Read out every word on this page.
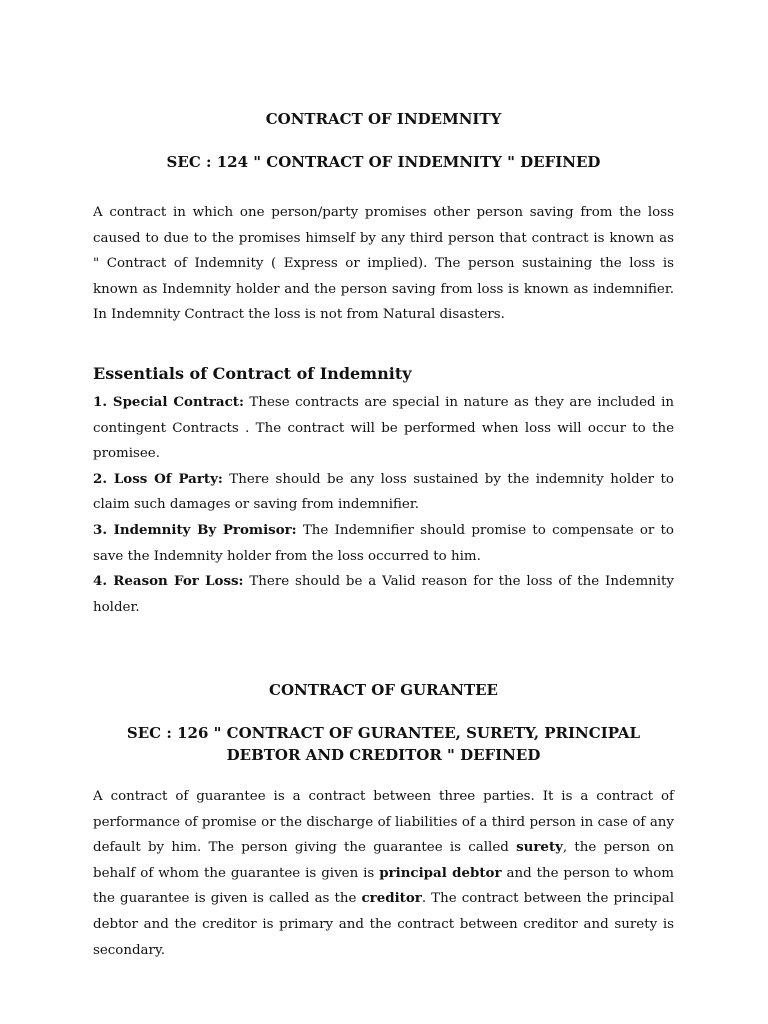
CONTRACT OF INDEMNITY
SEC : 124 " CONTRACT OF INDEMNITY " DEFINED

A contract in which one person/party promises other person saving from the loss caused to due to the promises himself by any third person that contract is known as " Contract of Indemnity ( Express or implied). The person sustaining the loss is known as Indemnity holder and the person saving from loss is known as indemnifier. In Indemnity Contract the loss is not from Natural disasters.

Essentials of Contract of Indemnity

1. Special Contract: These contracts are special in nature as they are included in contingent Contracts . The contract will be performed when loss will occur to the promisee.

2. Loss Of Party: There should be any loss sustained by the indemnity holder to claim such damages or saving from indemnifier.

3. Indemnity By Promisor: The Indemnifier should promise to compensate or to save the Indemnity holder from the loss occurred to him.

4. Reason For Loss: There should be a Valid reason for the loss of the Indemnity holder.

CONTRACT OF GURANTEE
SEC : 126 " CONTRACT OF GURANTEE, SURETY, PRINCIPAL DEBTOR AND CREDITOR " DEFINED

A contract of guarantee is a contract between three parties. It is a contract of performance of promise or the discharge of liabilities of a third person in case of any default by him. The person giving the guarantee is called surety, the person on behalf of whom the guarantee is given is principal debtor and the person to whom the guarantee is given is called as the creditor. The contract between the principal debtor and the creditor is primary and the contract between creditor and surety is secondary.
